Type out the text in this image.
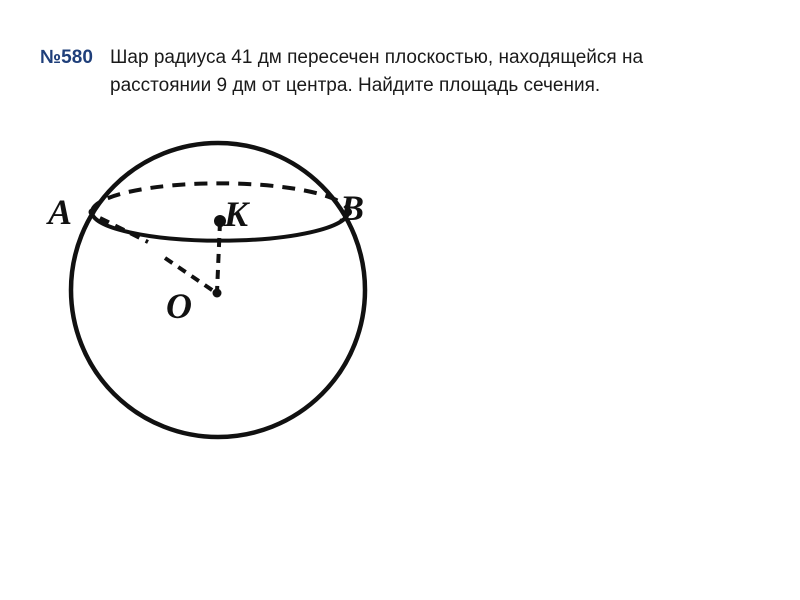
№580 Шар радиуса 41 дм пересечен плоскостью, находящейся на
расстоянии 9 дм от центра. Найдите площадь сечения.
A	B
K
O
